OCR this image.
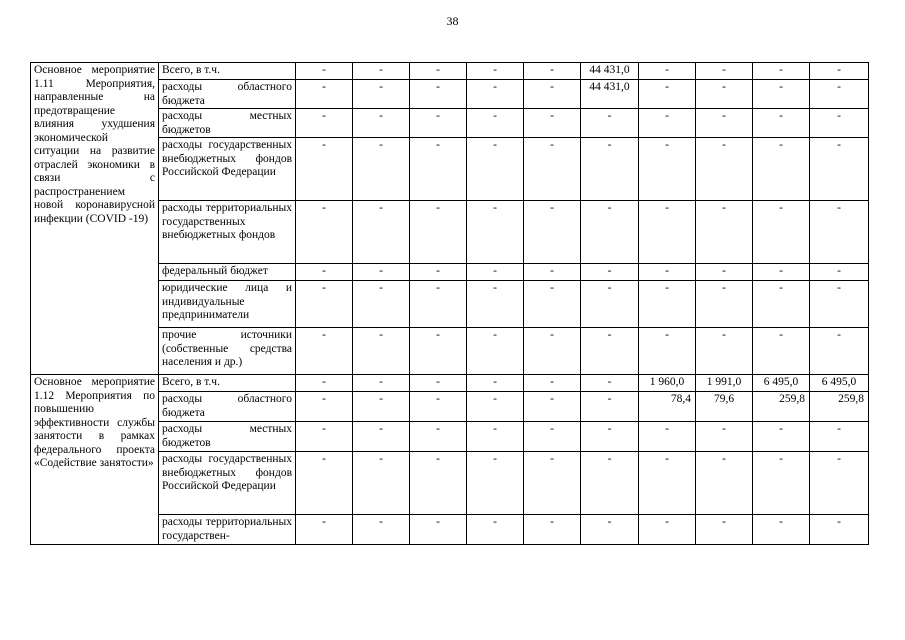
38
Основное мероприятие 1.11 Мероприятия, направленные на предотвращение влияния ухудшения экономической ситуации на развитие отраслей экономики в связи с распространением новой коронавирусной инфекции (COVID -19)	Всего, в т.ч.	-	-	-	-	-	44 431,0	-	-	-	-
	расходы областного бюджета	-	-	-	-	-	44 431,0	-	-	-	-
	расходы местных бюджетов	-	-	-	-	-	-	-	-	-	-
	расходы государственных внебюджетных фондов Российской Федерации	-	-	-	-	-	-	-	-	-	-
	расходы территориальных государственных внебюджетных фондов	-	-	-	-	-	-	-	-	-	-
	федеральный бюджет	-	-	-	-	-	-	-	-	-	-
	юридические лица и индивидуальные предприниматели	-	-	-	-	-	-	-	-	-	-
	прочие источники (собственные средства населения и др.)	-	-	-	-	-	-	-	-	-	-
Основное мероприятие 1.12 Мероприятия по повышению эффективности службы занятости в рамках федерального проекта «Содействие занятости»	Всего, в т.ч.	-	-	-	-	-	-	1 960,0	1 991,0	6 495,0	6 495,0
	расходы областного бюджета	-	-	-	-	-	-	78,4	79,6	259,8	259,8
	расходы местных бюджетов	-	-	-	-	-	-	-	-	-	-
	расходы государственных внебюджетных фондов Российской Федерации	-	-	-	-	-	-	-	-	-	-
	расходы территориальных государствен-	-	-	-	-	-	-	-	-	-	-
